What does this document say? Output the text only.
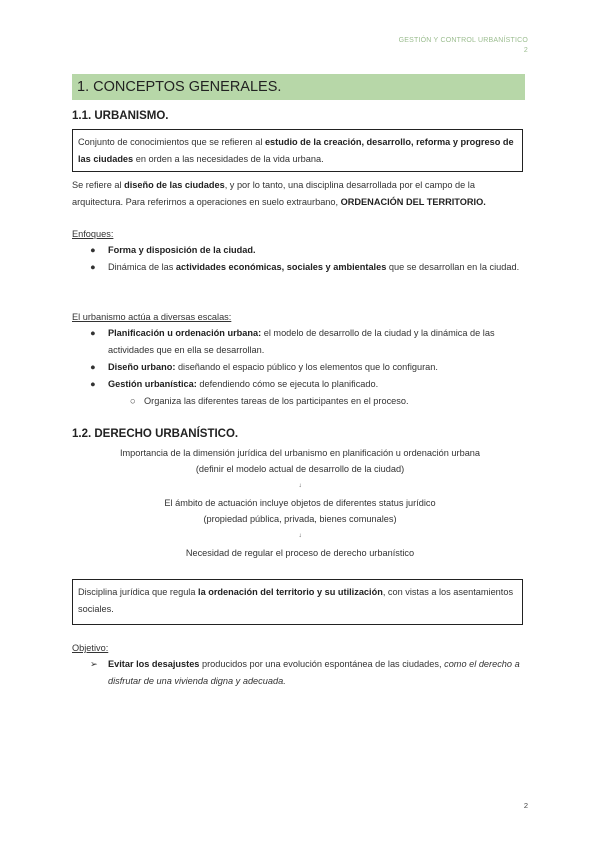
GESTIÓN Y CONTROL URBANÍSTICO
2
1. CONCEPTOS GENERALES.
1.1. URBANISMO.
Conjunto de conocimientos que se refieren al estudio de la creación, desarrollo, reforma y progreso de las ciudades en orden a las necesidades de la vida urbana.
Se refiere al diseño de las ciudades, y por lo tanto, una disciplina desarrollada por el campo de la arquitectura. Para referirnos a operaciones en suelo extraurbano, ORDENACIÓN DEL TERRITORIO.
Enfoques:
● Forma y disposición de la ciudad.
● Dinámica de las actividades económicas, sociales y ambientales que se desarrollan en la ciudad.
El urbanismo actúa a diversas escalas:
● Planificación u ordenación urbana: el modelo de desarrollo de la ciudad y la dinámica de las actividades que en ella se desarrollan.
● Diseño urbano: diseñando el espacio público y los elementos que lo configuran.
● Gestión urbanística: defendiendo cómo se ejecuta lo planificado.
○ Organiza las diferentes tareas de los participantes en el proceso.
1.2. DERECHO URBANÍSTICO.
Importancia de la dimensión jurídica del urbanismo en planificación u ordenación urbana
(definir el modelo actual de desarrollo de la ciudad)
↓
El ámbito de actuación incluye objetos de diferentes status jurídico
(propiedad pública, privada, bienes comunales)
↓
Necesidad de regular el proceso de derecho urbanístico
Disciplina jurídica que regula la ordenación del territorio y su utilización, con vistas a los asentamientos sociales.
Objetivo:
➢ Evitar los desajustes producidos por una evolución espontánea de las ciudades, como el derecho a disfrutar de una vivienda digna y adecuada.
2
